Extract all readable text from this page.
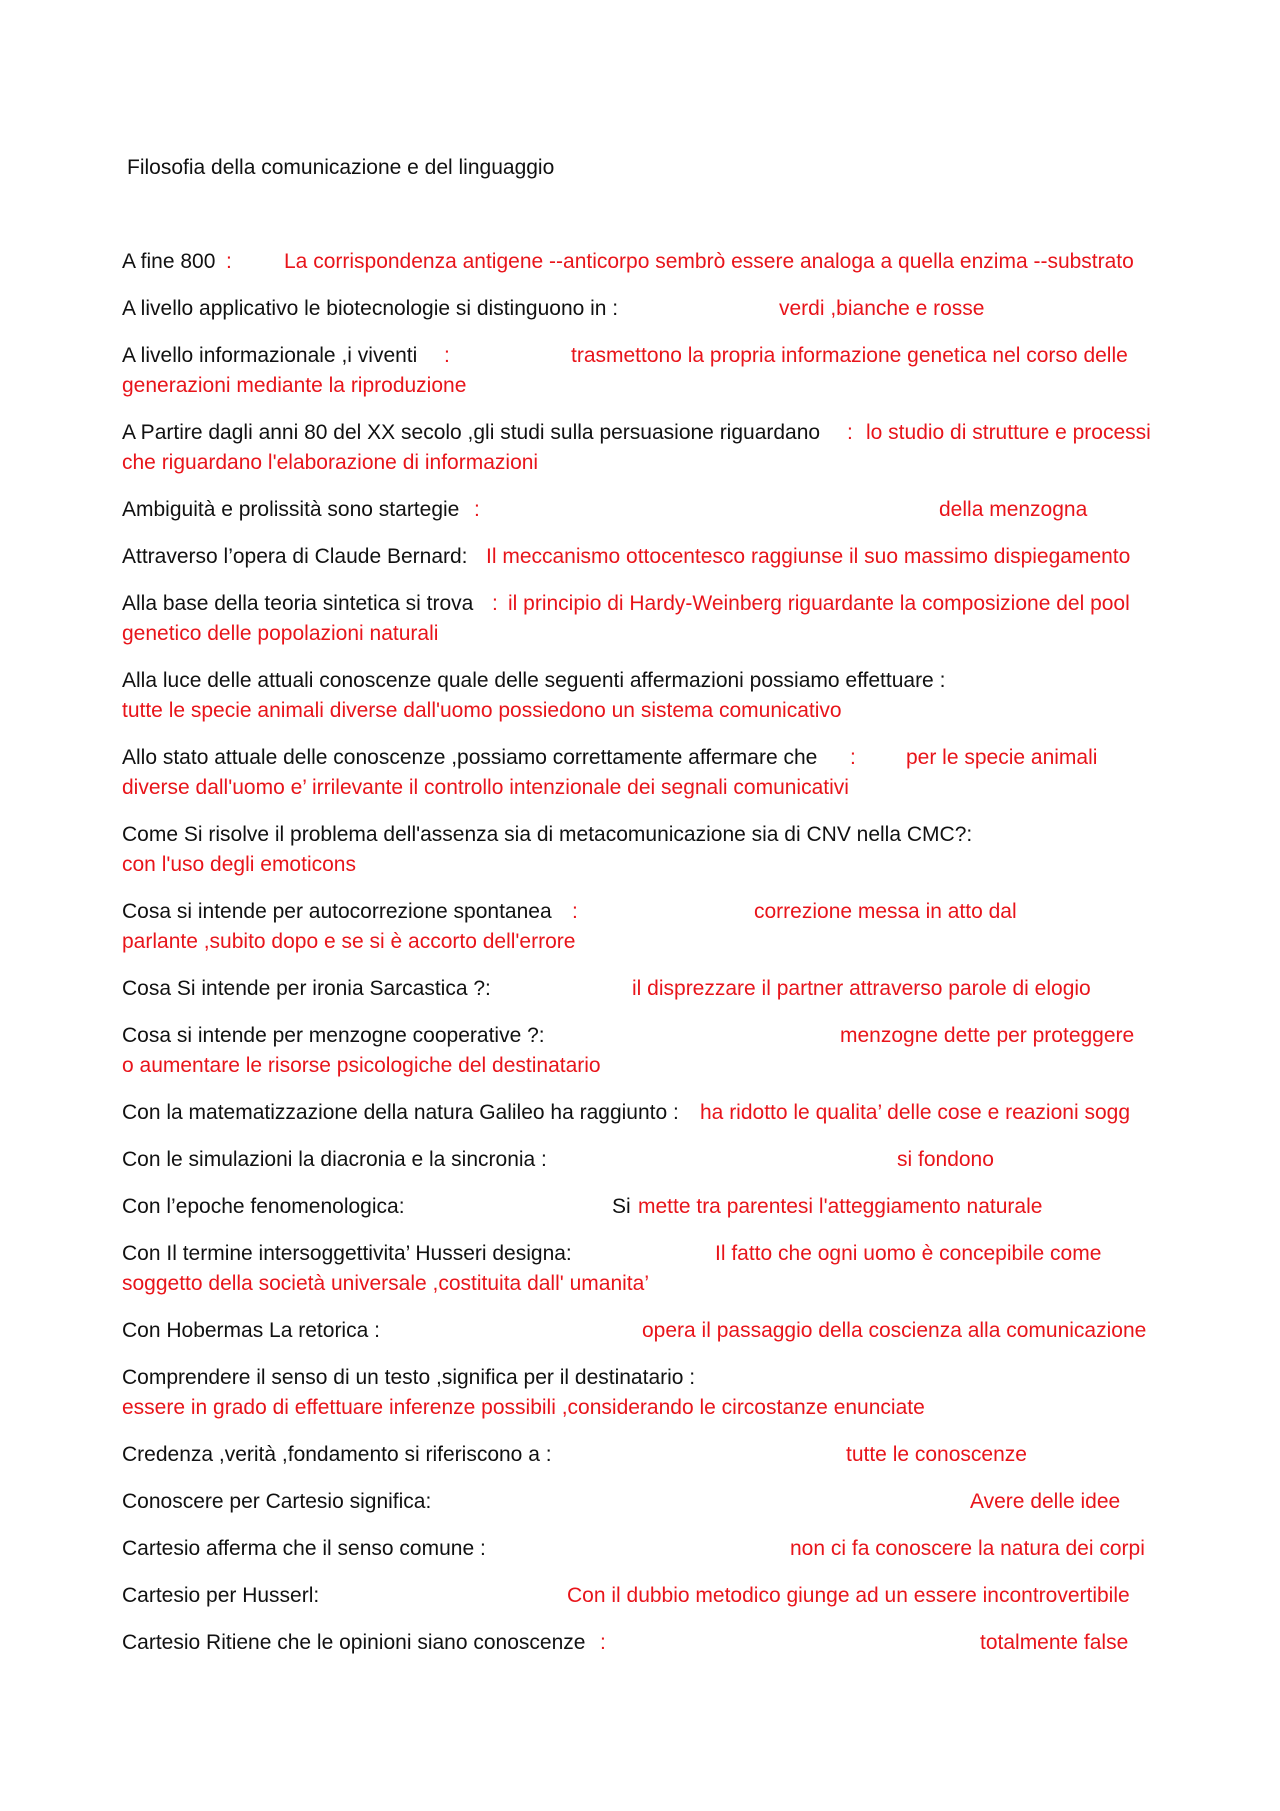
Filosofia della comunicazione e del linguaggio
A fine 800 : La corrispondenza antigene --anticorpo sembrò essere analoga a quella enzima --substrato
A livello applicativo le biotecnologie si distinguono in :	verdi ,bianche e rosse
A livello informazionale ,i viventi :	trasmettono la propria informazione genetica nel corso delle
generazioni mediante la riproduzione
A Partire dagli anni 80 del XX secolo ,gli studi sulla persuasione riguardano : lo studio di strutture e processi
che riguardano l'elaborazione di informazioni
Ambiguità e prolissità sono startegie :	della menzogna
Attraverso l’opera di Claude Bernard: Il meccanismo ottocentesco raggiunse il suo massimo dispiegamento
Alla base della teoria sintetica si trova : il principio di Hardy-Weinberg riguardante la composizione del pool
genetico delle popolazioni naturali
Alla luce delle attuali conoscenze quale delle seguenti affermazioni possiamo effettuare :
tutte le specie animali diverse dall'uomo possiedono un sistema comunicativo
Allo stato attuale delle conoscenze ,possiamo correttamente affermare che : per le specie animali
diverse dall'uomo e’ irrilevante il controllo intenzionale dei segnali comunicativi
Come Si risolve il problema dell'assenza sia di metacomunicazione sia di CNV nella CMC?:
con l'uso degli emoticons
Cosa si intende per autocorrezione spontanea :	correzione messa in atto dal
parlante ,subito dopo e se si è accorto dell'errore
Cosa Si intende per ironia Sarcastica ?:	il disprezzare il partner attraverso parole di elogio
Cosa si intende per menzogne cooperative ?:	menzogne dette per proteggere
o aumentare le risorse psicologiche del destinatario
Con la matematizzazione della natura Galileo ha raggiunto : ha ridotto le qualita’ delle cose e reazioni sogg
Con le simulazioni la diacronia e la sincronia :	si fondono
Con l’epoche fenomenologica:	Si mette tra parentesi l'atteggiamento naturale
Con Il termine intersoggettivita’ Husseri designa:	Il fatto che ogni uomo è concepibile come
soggetto della società universale ,costituita dall' umanita’
Con Hobermas La retorica :	opera il passaggio della coscienza alla comunicazione
Comprendere il senso di un testo ,significa per il destinatario :
essere in grado di effettuare inferenze possibili ,considerando le circostanze enunciate
Credenza ,verità ,fondamento si riferiscono a :	tutte le conoscenze
Conoscere per Cartesio significa:	Avere delle idee
Cartesio afferma che il senso comune :	non ci fa conoscere la natura dei corpi
Cartesio per Husserl:	Con il dubbio metodico giunge ad un essere incontrovertibile
Cartesio Ritiene che le opinioni siano conoscenze :	totalmente false
